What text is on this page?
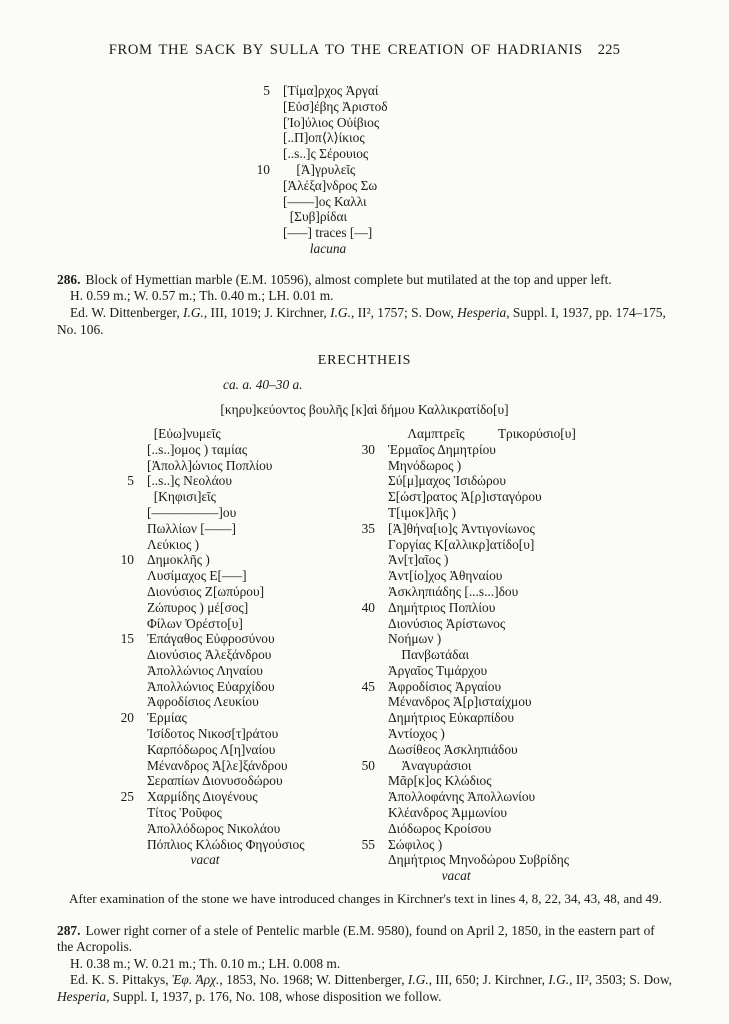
FROM THE SACK BY SULLA TO THE CREATION OF HADRIANIS 225
5 [Τίμα]ρχος Ἀργαί
[Εὐσ]έβης Ἀριστοδ
[Ἰο]ύλιος Οὐίβιος
[..Π]οπ⟨λ⟩ίκιος
[..s..]ς Σέρουιος
10 [Ἀ]γρυλεῖς
[Ἀλέξα]νδρος Σω
[––––]ος Καλλι
[Συβ]ρίδαι
[–––] traces [––]
lacuna

286. Block of Hymettian marble (E.M. 10596), almost complete but mutilated at the top and upper left.

H. 0.59 m.; W. 0.57 m.; Th. 0.40 m.; LH. 0.01 m.

Ed. W. Dittenberger, I.G., III, 1019; J. Kirchner, I.G., II², 1757; S. Dow, Hesperia, Suppl. I, 1937, pp. 174–175, No. 106.

ERECHTHEIS

ca. a. 40–30 a.

[κηρυ]κεύοντος βουλῆς [κ]αὶ δήμου Καλλικρατίδο[υ]

[Εὐω]νυμεῖς
[..s..]ομος ) ταμίας
[Ἀπολλ]ώνιος Ποπλίου
5 [..s..]ς Νεολάου
[Κηφισι]εῖς
[––––––––––]ου
Πωλλίων [––––]
Λεύκιος )
10 Δημοκλῆς )
Λυσίμαχος Ε[–––]
Διονύσιος Ζ[ωπύρου]
Ζώπυρος ) μέ[σος]
Φίλων Ὀρέστο[υ]
15 Ἐπάγαθος Εὐφροσύνου
Διονύσιος Ἀλεξάνδρου
Ἀπολλώνιος Ληναίου
Ἀπολλώνιος Εὐαρχίδου
Ἀφροδίσιος Λευκίου
20 Ἑρμίας
Ἰσίδοτος Νικοσ[τ]ράτου
Καρπόδωρος Λ[η]ναίου
Μένανδρος Ἀ[λε]ξάνδρου
Σεραπίων Διονυσοδώρου
25 Χαρμίδης Διογένους
Τίτος Ῥοῦφος
Ἀπολλόδωρος Νικολάου
Πόπλιος Κλώδιος Φηγούσιος
vacat
Λαμπτρεῖς          Τρικορύσιο[υ]
30 Ἑρμαῖος Δημητρίου
Μηνόδωρος )
Σύ[μ]μαχος Ἰσιδώρου
Σ[ώστ]ρατος Ἀ[ρ]ισταγόρου
Τ[ιμοκ]λῆς )
35 [Ἀ]θήνα[ιο]ς Ἀντιγονίωνος
Γοργίας Κ[αλλικρ]ατίδο[υ]
Ἀν[τ]αῖος )
Ἀντ[ίο]χος Ἀθηναίου
Ἀσκληπιάδης [...s...]δου
40 Δημήτριος Ποπλίου
Διονύσιος Ἀρίστωνος
Νοήμων )
Πανβωτάδαι
Ἀργαῖος Τιμάρχου
45 Ἀφροδίσιος Ἀργαίου
Μένανδρος Ἀ[ρ]ισταίχμου
Δημήτριος Εὐκαρπίδου
Ἀντίοχος )
Δωσίθεος Ἀσκληπιάδου
50 Ἀναγυράσιοι
Μᾶρ[κ]ος Κλώδιος
Ἀπολλοφάνης Ἀπολλωνίου
Κλέανδρος Ἀμμωνίου
Διόδωρος Κροίσου
55 Σώφιλος )
Δημήτριος Μηνοδώρου Συβρίδης
vacat

After examination of the stone we have introduced changes in Kirchner's text in lines 4, 8, 22, 34, 43, 48, and 49.

287. Lower right corner of a stele of Pentelic marble (E.M. 9580), found on April 2, 1850, in the eastern part of the Acropolis.

H. 0.38 m.; W. 0.21 m.; Th. 0.10 m.; LH. 0.008 m.

Ed. K. S. Pittakys, Ἐφ. Ἀρχ., 1853, No. 1968; W. Dittenberger, I.G., III, 650; J. Kirchner, I.G., II², 3503; S. Dow, Hesperia, Suppl. I, 1937, p. 176, No. 108, whose disposition we follow.
